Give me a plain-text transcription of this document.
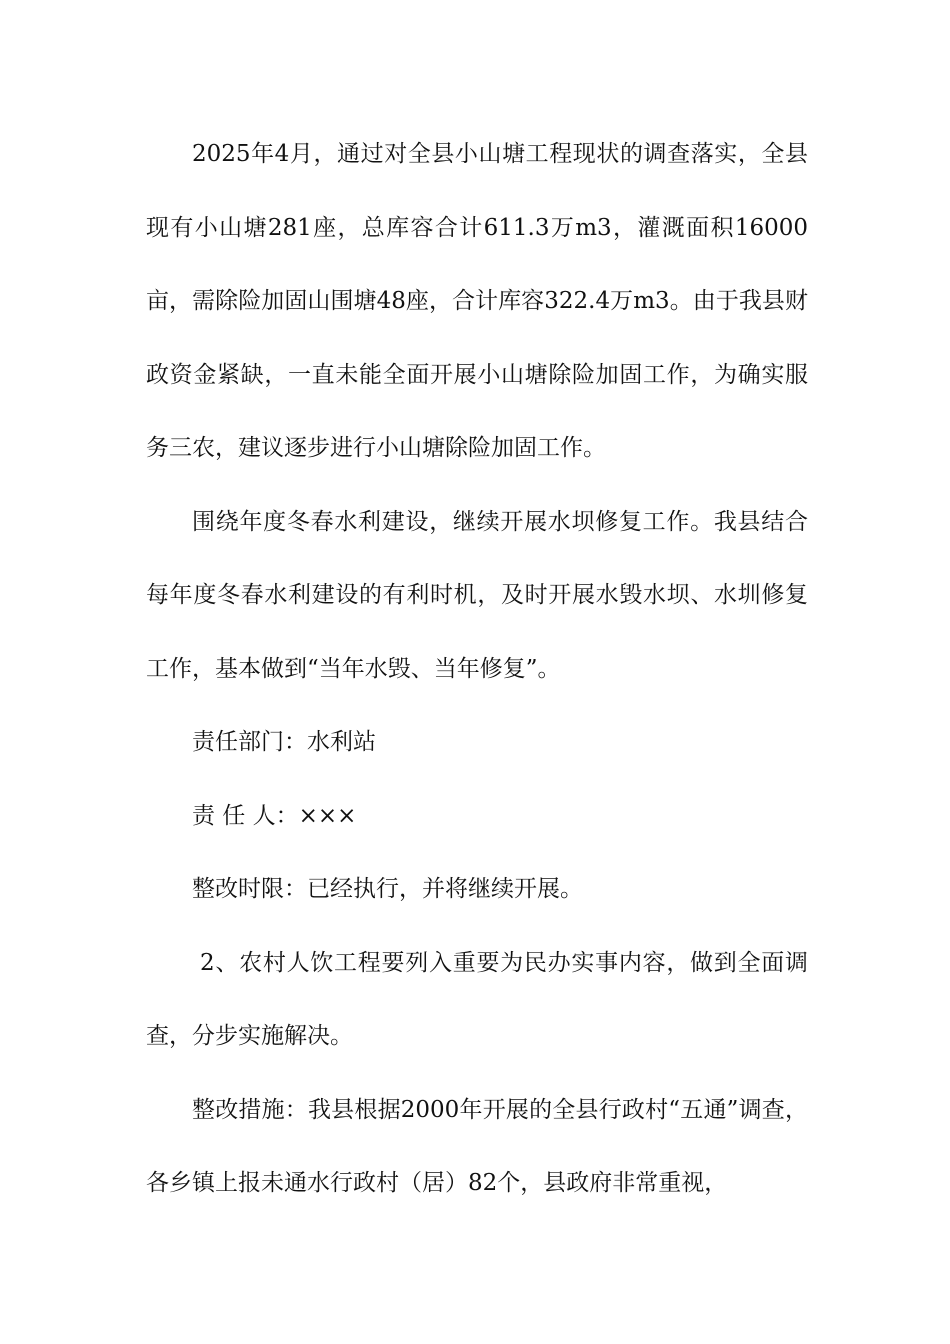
2025年4月，通过对全县小山塘工程现状的调查落实，全县现有小山塘281座，总库容合计611.3万m3，灌溉面积16000亩，需除险加固山围塘48座，合计库容322.4万m3。由于我县财政资金紧缺，一直未能全面开展小山塘除险加固工作，为确实服务三农，建议逐步进行小山塘除险加固工作。

围绕年度冬春水利建设，继续开展水坝修复工作。我县结合每年度冬春水利建设的有利时机，及时开展水毁水坝、水圳修复工作，基本做到“当年水毁、当年修复”。

责任部门：水利站

责 任 人：×××

整改时限：已经执行，并将继续开展。

2、农村人饮工程要列入重要为民办实事内容，做到全面调查，分步实施解决。

整改措施：我县根据2000年开展的全县行政村“五通”调查，各乡镇上报未通水行政村（居）82个，县政府非常重视，
